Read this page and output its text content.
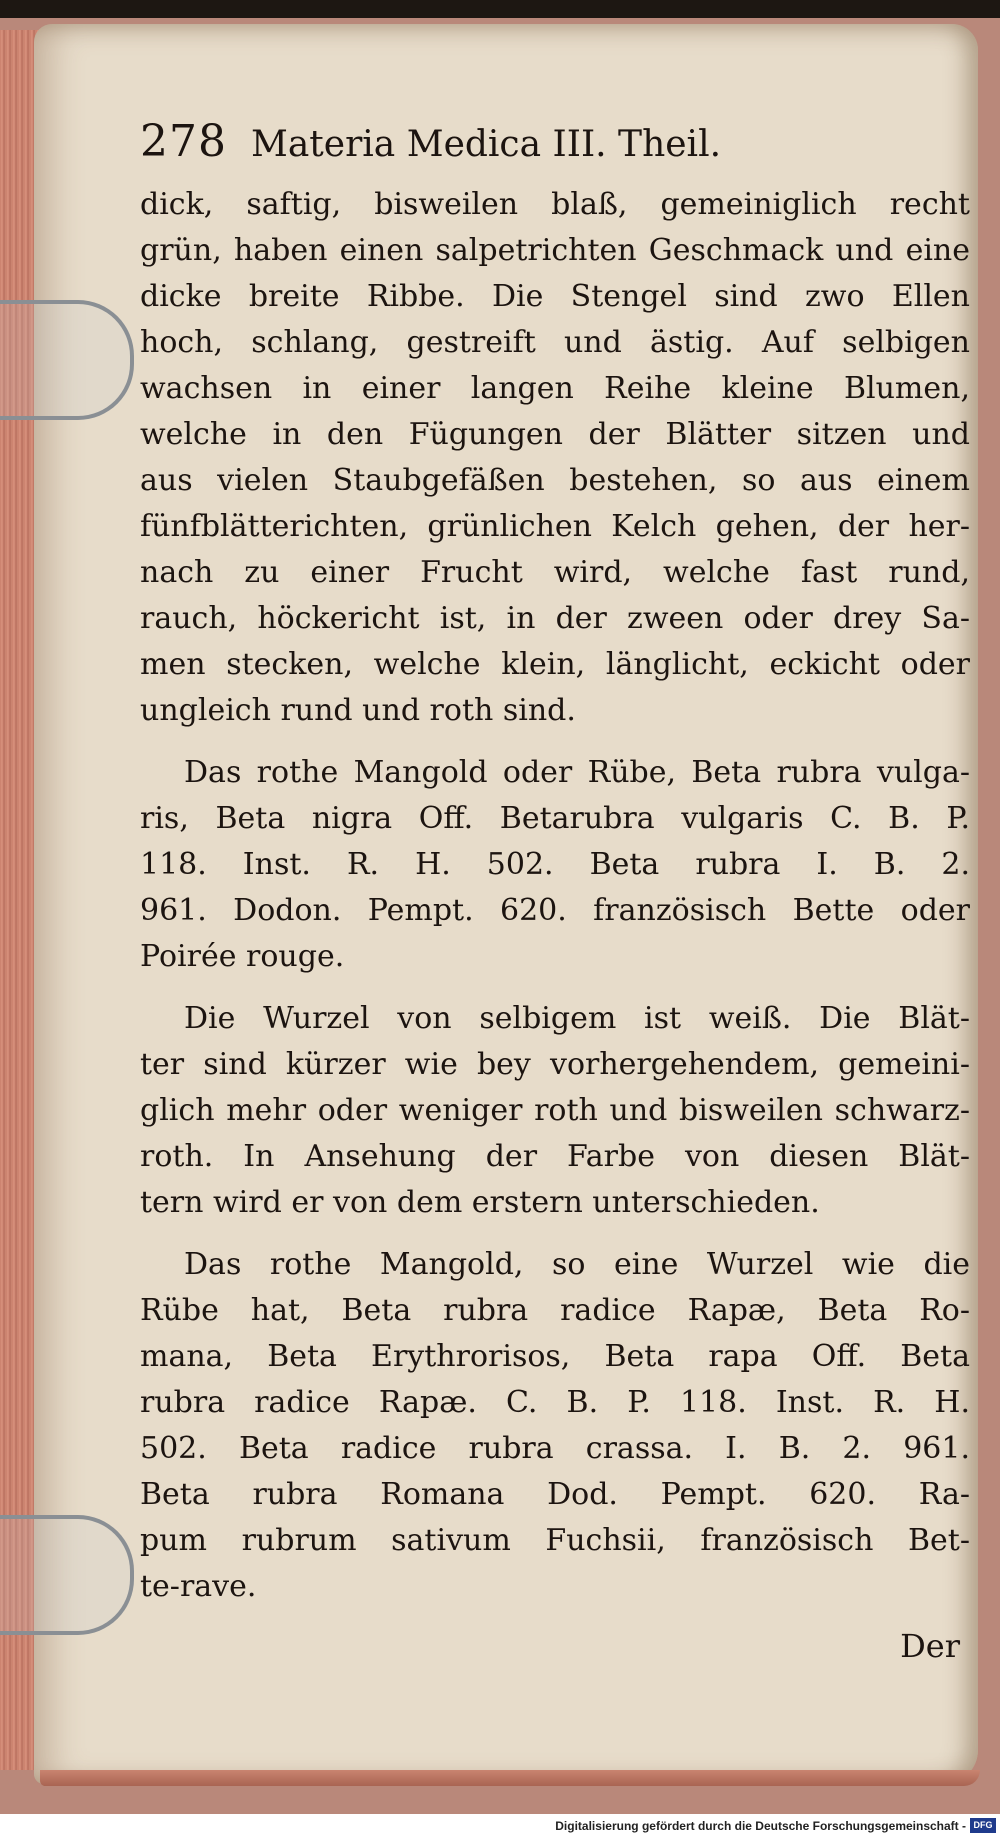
278 Materia Medica III. Theil.
dick, saftig, bisweilen blaß, gemeiniglich recht
grün, haben einen salpetrichten Geschmack und eine
dicke breite Ribbe. Die Stengel sind zwo Ellen
hoch, schlang, gestreift und ästig. Auf selbigen
wachsen in einer langen Reihe kleine Blumen,
welche in den Fügungen der Blätter sitzen und
aus vielen Staubgefäßen bestehen, so aus einem
fünfblätterichten, grünlichen Kelch gehen, der her-
nach zu einer Frucht wird, welche fast rund,
rauch, höckericht ist, in der zween oder drey Sa-
men stecken, welche klein, länglicht, eckicht oder
ungleich rund und roth sind.
Das rothe Mangold oder Rübe, Beta rubra vulga-
ris, Beta nigra Off. Betarubra vulgaris C. B. P.
118. Inst. R. H. 502. Beta rubra I. B. 2.
961. Dodon. Pempt. 620. französisch Bette oder
Poirée rouge.
Die Wurzel von selbigem ist weiß. Die Blät-
ter sind kürzer wie bey vorhergehendem, gemeini-
glich mehr oder weniger roth und bisweilen schwarz-
roth. In Ansehung der Farbe von diesen Blät-
tern wird er von dem erstern unterschieden.
Das rothe Mangold, so eine Wurzel wie die
Rübe hat, Beta rubra radice Rapæ, Beta Ro-
mana, Beta Erythrorisos, Beta rapa Off. Beta
rubra radice Rapæ. C. B. P. 118. Inst. R. H.
502. Beta radice rubra crassa. I. B. 2. 961.
Beta rubra Romana Dod. Pempt. 620. Ra-
pum rubrum sativum Fuchsii, französisch Bet-
te-rave.
Der
Digitalisierung gefördert durch die Deutsche Forschungsgemeinschaft - DFG
